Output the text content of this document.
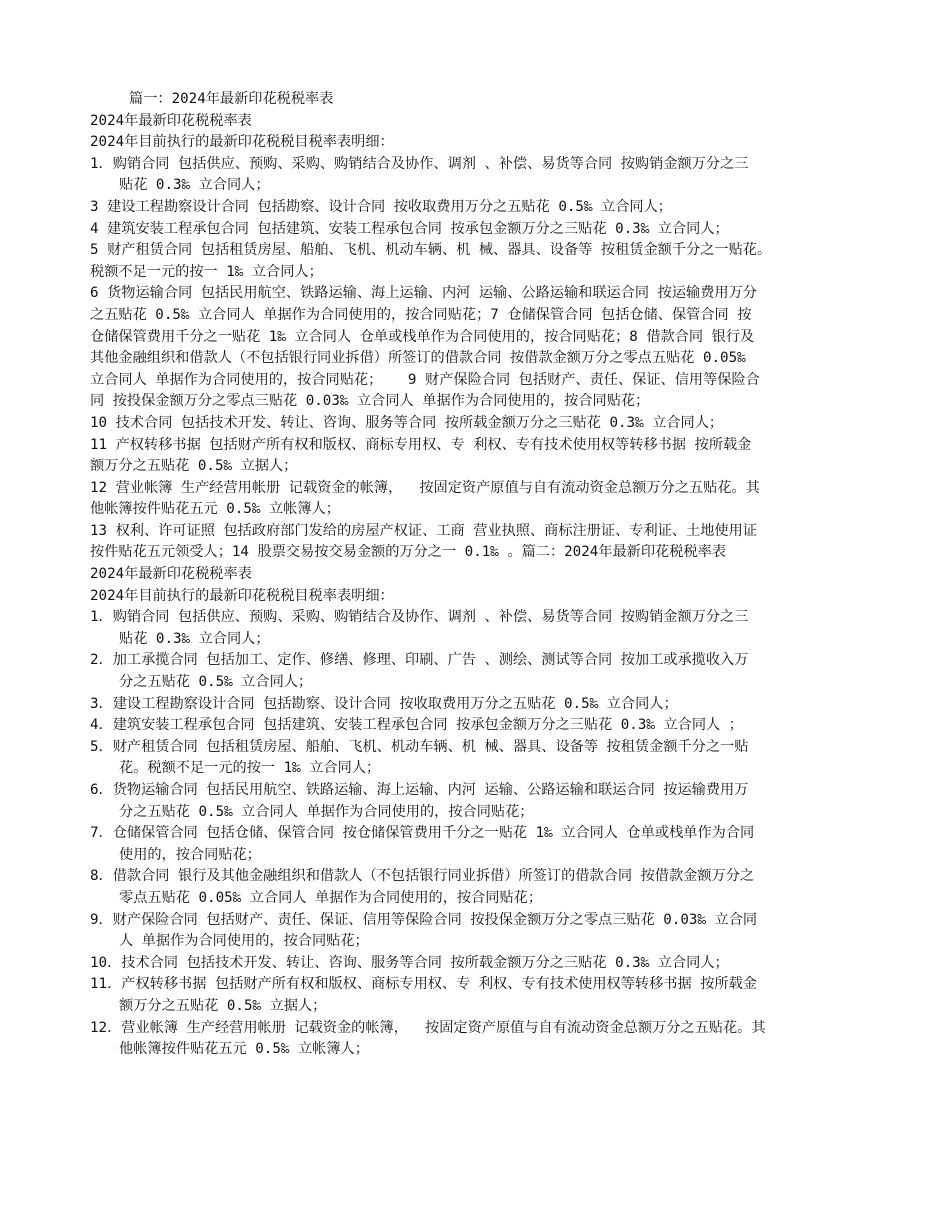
篇一：2024年最新印花税税率表
2024年最新印花税税率表
2024年目前执行的最新印花税税目税率表明细：
1．购销合同 包括供应、预购、采购、购销结合及协作、调剂 、补偿、易货等合同 按购销金额万分之三
贴花 0.3‰ 立合同人；
3 建设工程勘察设计合同 包括勘察、设计合同 按收取费用万分之五贴花 0.5‰ 立合同人；
4 建筑安装工程承包合同 包括建筑、安装工程承包合同 按承包金额万分之三贴花 0.3‰ 立合同人；
5 财产租赁合同 包括租赁房屋、船舶、飞机、机动车辆、机 械、器具、设备等 按租赁金额千分之一贴花。
税额不足一元的按一 1‰ 立合同人；
6 货物运输合同 包括民用航空、铁路运输、海上运输、内河 运输、公路运输和联运合同 按运输费用万分
之五贴花 0.5‰ 立合同人 单据作为合同使用的，按合同贴花；7 仓储保管合同 包括仓储、保管合同 按
仓储保管费用千分之一贴花 1‰ 立合同人 仓单或栈单作为合同使用的，按合同贴花；8 借款合同 银行及
其他金融组织和借款人（不包括银行同业拆借）所签订的借款合同 按借款金额万分之零点五贴花 0.05‰
立合同人 单据作为合同使用的，按合同贴花；   9 财产保险合同 包括财产、责任、保证、信用等保险合
同 按投保金额万分之零点三贴花 0.03‰ 立合同人 单据作为合同使用的，按合同贴花；
10 技术合同 包括技术开发、转让、咨询、服务等合同 按所载金额万分之三贴花 0.3‰ 立合同人；
11 产权转移书据 包括财产所有权和版权、商标专用权、专 利权、专有技术使用权等转移书据 按所载金
额万分之五贴花 0.5‰ 立据人；
12 营业帐簿 生产经营用帐册 记载资金的帐簿，  按固定资产原值与自有流动资金总额万分之五贴花。其
他帐簿按件贴花五元 0.5‰ 立帐簿人；
13 权利、许可证照 包括政府部门发给的房屋产权证、工商 营业执照、商标注册证、专利证、土地使用证
按件贴花五元领受人；14 股票交易按交易金额的万分之一 0.1‰ 。篇二：2024年最新印花税税率表
2024年最新印花税税率表
2024年目前执行的最新印花税税目税率表明细：
1．购销合同 包括供应、预购、采购、购销结合及协作、调剂 、补偿、易货等合同 按购销金额万分之三
贴花 0.3‰ 立合同人；
2．加工承揽合同 包括加工、定作、修缮、修理、印刷、广告 、测绘、测试等合同 按加工或承揽收入万
分之五贴花 0.5‰ 立合同人；
3．建设工程勘察设计合同 包括勘察、设计合同 按收取费用万分之五贴花 0.5‰ 立合同人；
4．建筑安装工程承包合同 包括建筑、安装工程承包合同 按承包金额万分之三贴花 0.3‰ 立合同人 ；
5．财产租赁合同 包括租赁房屋、船舶、飞机、机动车辆、机 械、器具、设备等 按租赁金额千分之一贴
花。税额不足一元的按一 1‰ 立合同人；
6．货物运输合同 包括民用航空、铁路运输、海上运输、内河 运输、公路运输和联运合同 按运输费用万
分之五贴花 0.5‰ 立合同人 单据作为合同使用的，按合同贴花；
7．仓储保管合同 包括仓储、保管合同 按仓储保管费用千分之一贴花 1‰ 立合同人 仓单或栈单作为合同
使用的，按合同贴花；
8．借款合同 银行及其他金融组织和借款人（不包括银行同业拆借）所签订的借款合同 按借款金额万分之
零点五贴花 0.05‰ 立合同人 单据作为合同使用的，按合同贴花；
9．财产保险合同 包括财产、责任、保证、信用等保险合同 按投保金额万分之零点三贴花 0.03‰ 立合同
人 单据作为合同使用的，按合同贴花；
10．技术合同 包括技术开发、转让、咨询、服务等合同 按所载金额万分之三贴花 0.3‰ 立合同人；
11．产权转移书据 包括财产所有权和版权、商标专用权、专 利权、专有技术使用权等转移书据 按所载金
额万分之五贴花 0.5‰ 立据人；
12．营业帐簿 生产经营用帐册 记载资金的帐簿，  按固定资产原值与自有流动资金总额万分之五贴花。其
他帐簿按件贴花五元 0.5‰ 立帐簿人；
